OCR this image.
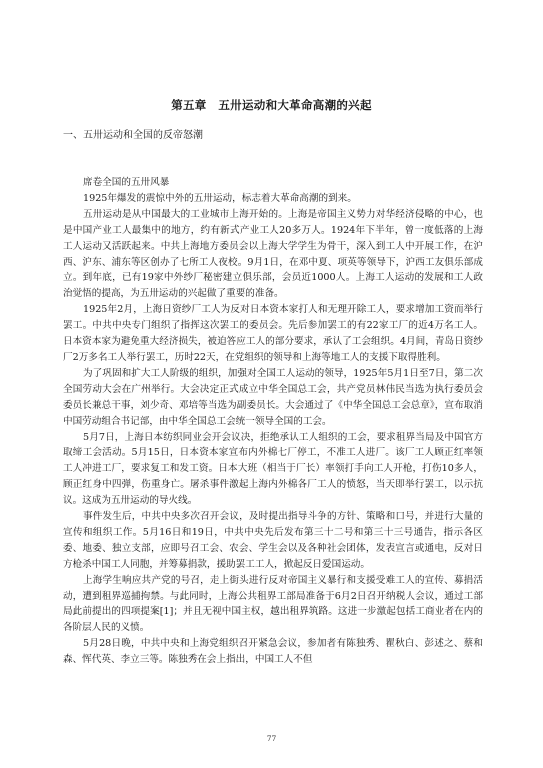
第五章　五卅运动和大革命高潮的兴起
一、五卅运动和全国的反帝怒潮

席卷全国的五卅风暴

1925年爆发的震惊中外的五卅运动，标志着大革命高潮的到来。

五卅运动是从中国最大的工业城市上海开始的。上海是帝国主义势力对华经济侵略的中心，也是中国产业工人最集中的地方，约有新式产业工人20多万人。1924年下半年，曾一度低落的上海工人运动又活跃起来。中共上海地方委员会以上海大学学生为骨干，深入到工人中开展工作，在沪西、沪东、浦东等区创办了七所工人夜校。9月1日，在邓中夏、项英等领导下，沪西工友俱乐部成立。到年底，已有19家中外纱厂秘密建立俱乐部，会员近1000人。上海工人运动的发展和工人政治觉悟的提高，为五卅运动的兴起做了重要的准备。

1925年2月，上海日资纱厂工人为反对日本资本家打人和无理开除工人，要求增加工资而举行罢工。中共中央专门组织了指挥这次罢工的委员会。先后参加罢工的有22家工厂的近4万名工人。日本资本家为避免重大经济损失，被迫答应工人的部分要求，承认了工会组织。4月间，青岛日资纱厂2万多名工人举行罢工，历时22天，在党组织的领导和上海等地工人的支援下取得胜利。

为了巩固和扩大工人阶级的组织，加强对全国工人运动的领导，1925年5月1日至7日，第二次全国劳动大会在广州举行。大会决定正式成立中华全国总工会，共产党员林伟民当选为执行委员会委员长兼总干事，刘少奇、邓培等当选为副委员长。大会通过了《中华全国总工会总章》，宣布取消中国劳动组合书记部，由中华全国总工会统一领导全国的工会。

5月7日，上海日本纺织同业会开会议决，拒绝承认工人组织的工会，要求租界当局及中国官方取缔工会活动。5月15日，日本资本家宣布内外棉七厂停工，不准工人进厂。该厂工人顾正红率领工人冲进工厂，要求复工和发工资。日本大班（相当于厂长）率领打手向工人开枪，打伤10多人，顾正红身中四弹，伤重身亡。屠杀事件激起上海内外棉各厂工人的愤怒，当天即举行罢工，以示抗议。这成为五卅运动的导火线。

事件发生后，中共中央多次召开会议，及时提出指导斗争的方针、策略和口号，并进行大量的宣传和组织工作。5月16日和19日，中共中央先后发布第三十二号和第三十三号通告，指示各区委、地委、独立支部，应即号召工会、农会、学生会以及各种社会团体，发表宣言或通电，反对日方枪杀中国工人同胞，并筹募捐款，援助罢工工人，掀起反日爱国运动。

上海学生响应共产党的号召，走上街头进行反对帝国主义暴行和支援受难工人的宣传、募捐活动，遭到租界巡捕拘禁。与此同时，上海公共租界工部局准备于6月2日召开纳税人会议，通过工部局此前提出的四项提案[1]；并且无视中国主权，越出租界筑路。这进一步激起包括工商业者在内的各阶层人民的义愤。

5月28日晚，中共中央和上海党组织召开紧急会议，参加者有陈独秀、瞿秋白、彭述之、蔡和森、恽代英、李立三等。陈独秀在会上指出，中国工人不但

77
